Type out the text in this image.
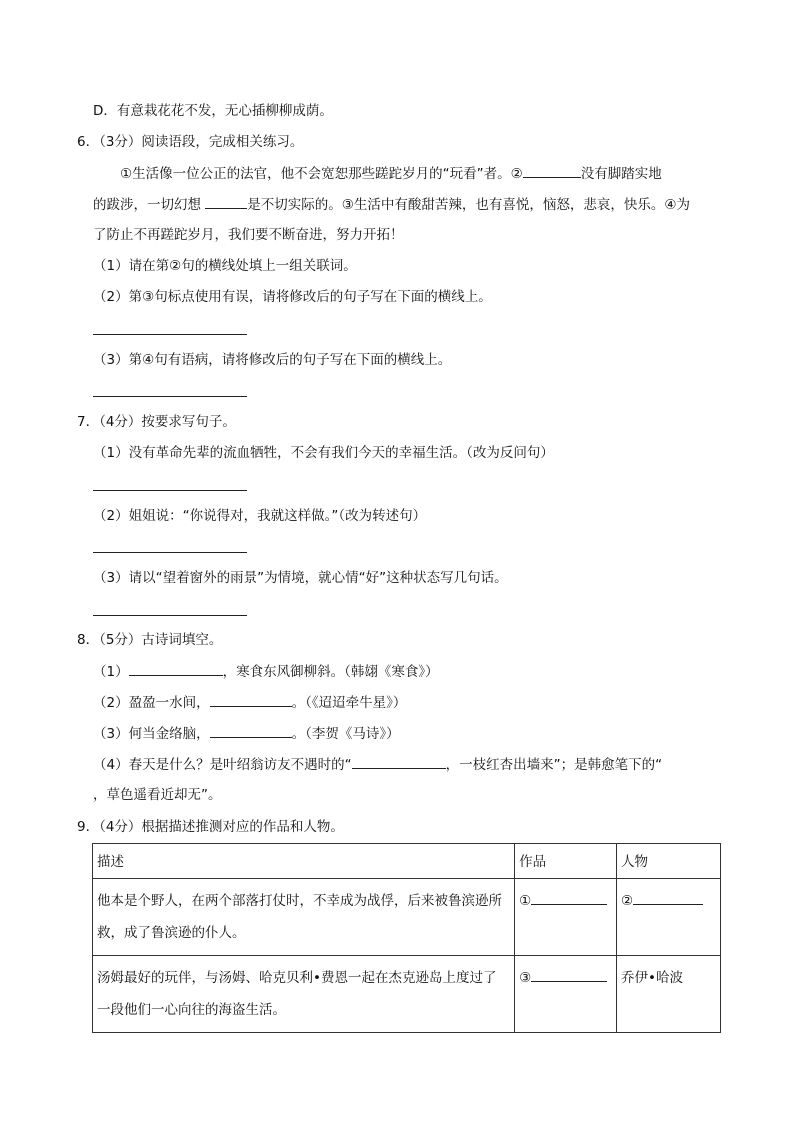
D．有意栽花花不发，无心插柳柳成荫。
6．（3分）阅读语段，完成相关练习。
①生活像一位公正的法官，他不会宽恕那些蹉跎岁月的“玩看”者。②	没有脚踏实地
的跋涉，一切幻想	是不切实际的。③生活中有酸甜苦辣，也有喜悦，恼怒，悲哀，快乐。④为
了防止不再蹉跎岁月，我们要不断奋进，努力开拓！
（1）请在第②句的横线处填上一组关联词。
（2）第③句标点使用有误，请将修改后的句子写在下面的横线上。
（3）第④句有语病，请将修改后的句子写在下面的横线上。
7．（4分）按要求写句子。
（1）没有革命先辈的流血牺牲，不会有我们今天的幸福生活。（改为反问句）
（2）姐姐说：“你说得对，我就这样做。”（改为转述句）
（3）请以“望着窗外的雨景”为情境，就心情“好”这种状态写几句话。
8．（5分）古诗词填空。
（1）	，寒食东风御柳斜。（韩翃《寒食》）
（2）盈盈一水间，	。（《迢迢牵牛星》）
（3）何当金络脑，	。（李贺《马诗》）
（4）春天是什么？是叶绍翁访友不遇时的“	，一枝红杏出墙来”；是韩愈笔下的“
，草色遥看近却无”。
9．（4分）根据描述推测对应的作品和人物。
描述	作品	人物
他本是个野人，在两个部落打仗时，不幸成为战俘，后来被鲁滨逊所
救，成了鲁滨逊的仆人。	①	②
汤姆最好的玩伴，与汤姆、哈克贝利•费恩一起在杰克逊岛上度过了
一段他们一心向往的海盗生活。	③	乔伊•哈波
